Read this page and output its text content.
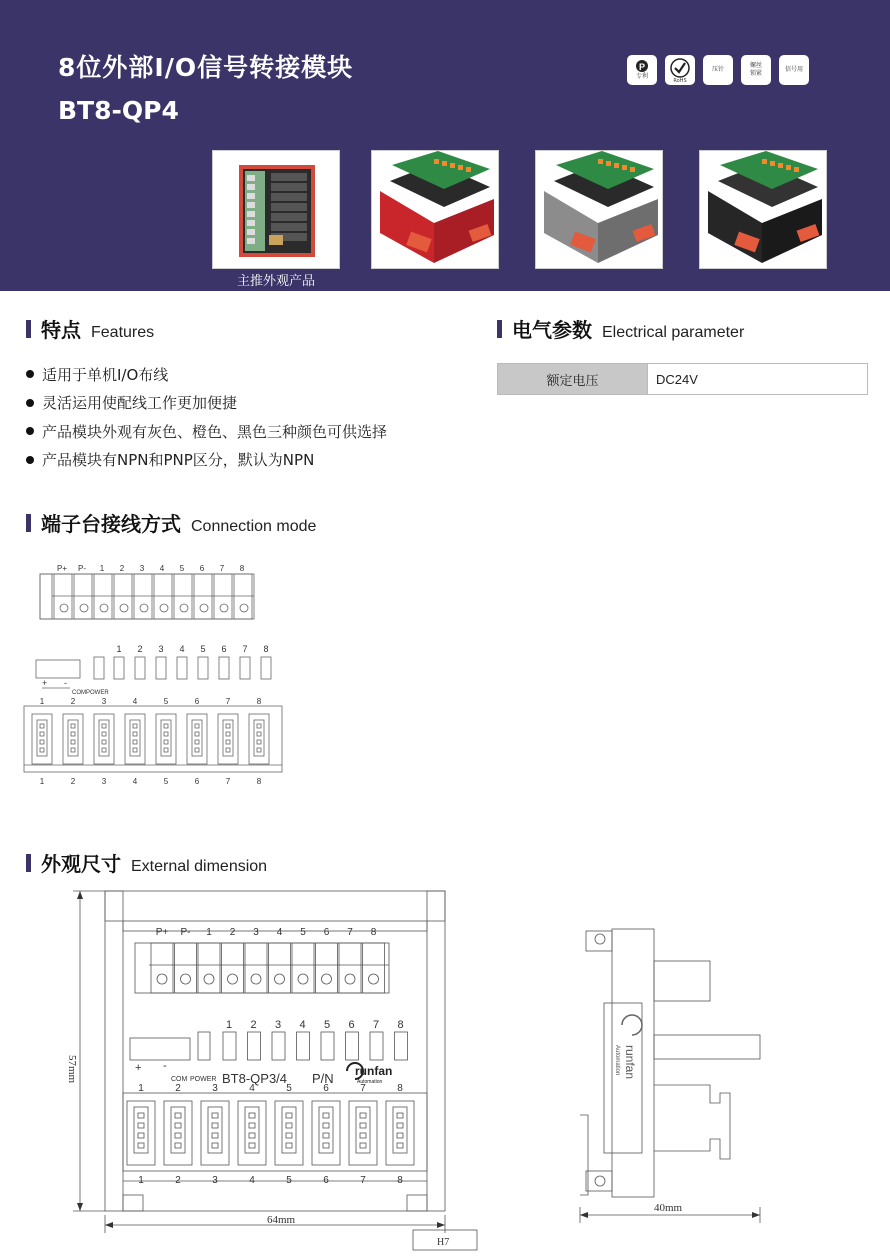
8位外部I/O信号转接模块
BT8-QP4
P
专利
RoHS
压针
螺丝锁紧
信号用
主推外观产品
特点 Features
适用于单机I/O布线
灵活运用使配线工作更加便捷
产品模块外观有灰色、橙色、黑色三种颜色可供选择
产品模块有NPN和PNP区分，默认为NPN
电气参数 Electrical parameter
额定电压	DC24V
端子台接线方式 Connection mode
P+ P- 1 2 3 4 5 6 7 8
1 2 3 4 5 6 7 8
1	2	3	4	5	6	7	8
1	2	3	4	5	6	7	8
+ -
COM POWER
外观尺寸 External dimension
P+ P- 1 2 3 4 5 6 7 8
1 2 3 4 5 6 7 8
1	2	3	4	5	6	7	8
1	2	3	4	5	6	7	8
+ -
COM POWER BT8-QP3/4 P/N runfan
Automation
57mm
64mm
H7
runfan
Automation
40mm
